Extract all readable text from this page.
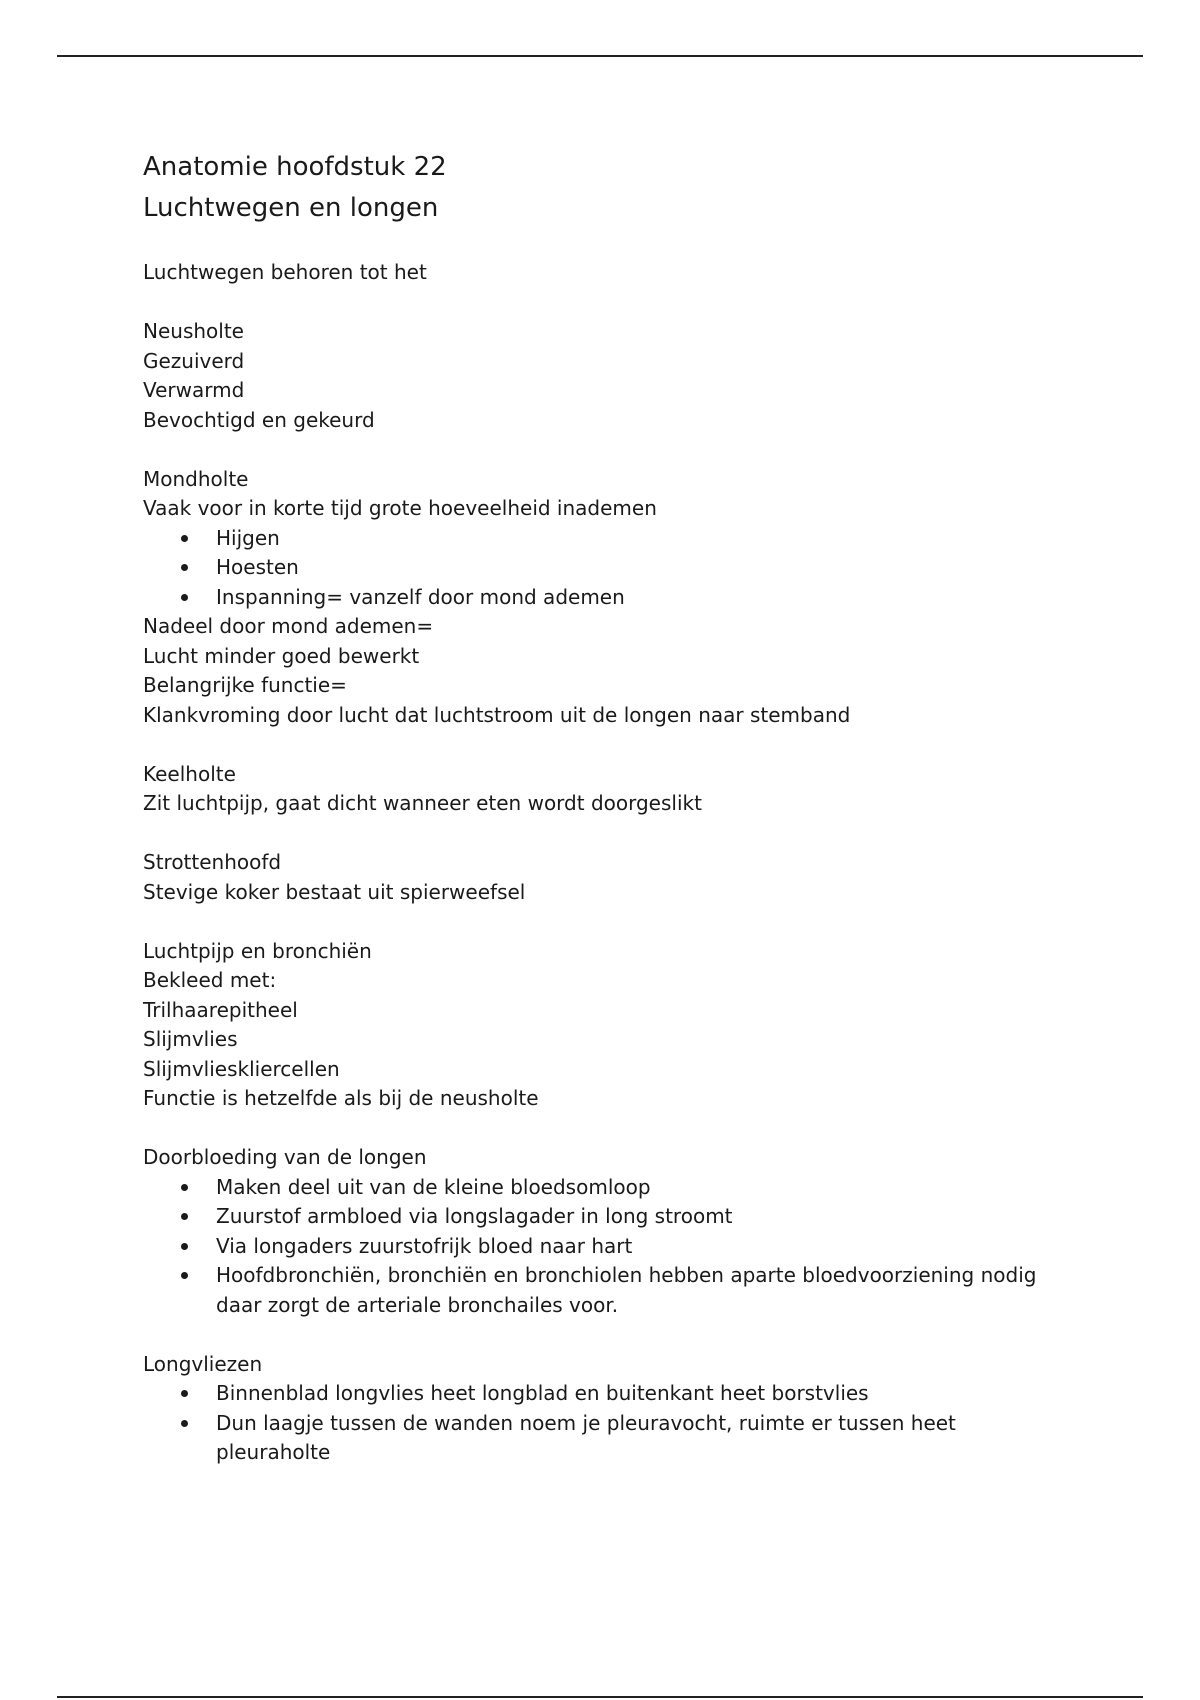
Anatomie hoofdstuk 22

Luchtwegen en longen

Luchtwegen behoren tot het

Neusholte

Gezuiverd

Verwarmd

Bevochtigd en gekeurd

Mondholte

Vaak voor in korte tijd grote hoeveelheid inademen

Hijgen
Hoesten
Inspanning= vanzelf door mond ademen

Nadeel door mond ademen=

Lucht minder goed bewerkt

Belangrijke functie=

Klankvroming door lucht dat luchtstroom uit de longen naar stemband

Keelholte

Zit luchtpijp, gaat dicht wanneer eten wordt doorgeslikt

Strottenhoofd

Stevige koker bestaat uit spierweefsel

Luchtpijp en bronchiën

Bekleed met:

Trilhaarepitheel

Slijmvlies

Slijmvliesklier​cellen

Functie is hetzelfde als bij de neusholte

Doorbloeding van de longen

Maken deel uit van de kleine bloedsomloop
Zuurstof armbloed via longslagader in long stroomt
Via longaders zuurstofrijk bloed naar hart
Hoofdbronchiën, bronchiën en bronchiolen hebben aparte bloedvoorziening nodig daar zorgt de arteriale bronchailes voor.

Longvliezen

Binnenblad longvlies heet longblad en buitenkant heet borstvlies
Dun laagje tussen de wanden noem je pleuravocht, ruimte er tussen heet pleuraholte
